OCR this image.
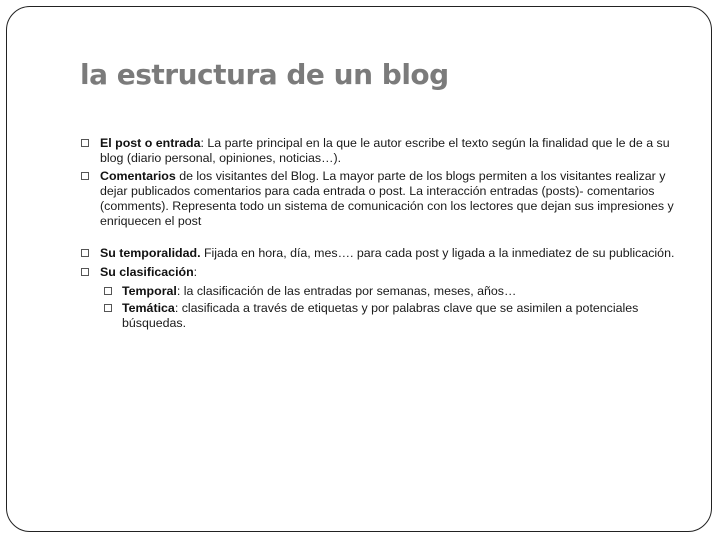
la estructura de un blog
El post o entrada: La parte principal en la que le autor escribe el texto según la finalidad que le de a su blog (diario personal, opiniones, noticias…).
Comentarios de los visitantes del Blog. La mayor parte de los blogs permiten a los visitantes realizar y dejar publicados comentarios para cada entrada o post. La interacción entradas (posts)- comentarios (comments). Representa todo un sistema de comunicación con los lectores que dejan sus impresiones y enriquecen el post
Su temporalidad. Fijada en hora, día, mes…. para cada post y ligada a la inmediatez de su publicación.
Su clasificación:
Temporal: la clasificación de las entradas por semanas, meses, años…
Temática: clasificada a través de etiquetas y por palabras clave que se asimilen a potenciales búsquedas.
